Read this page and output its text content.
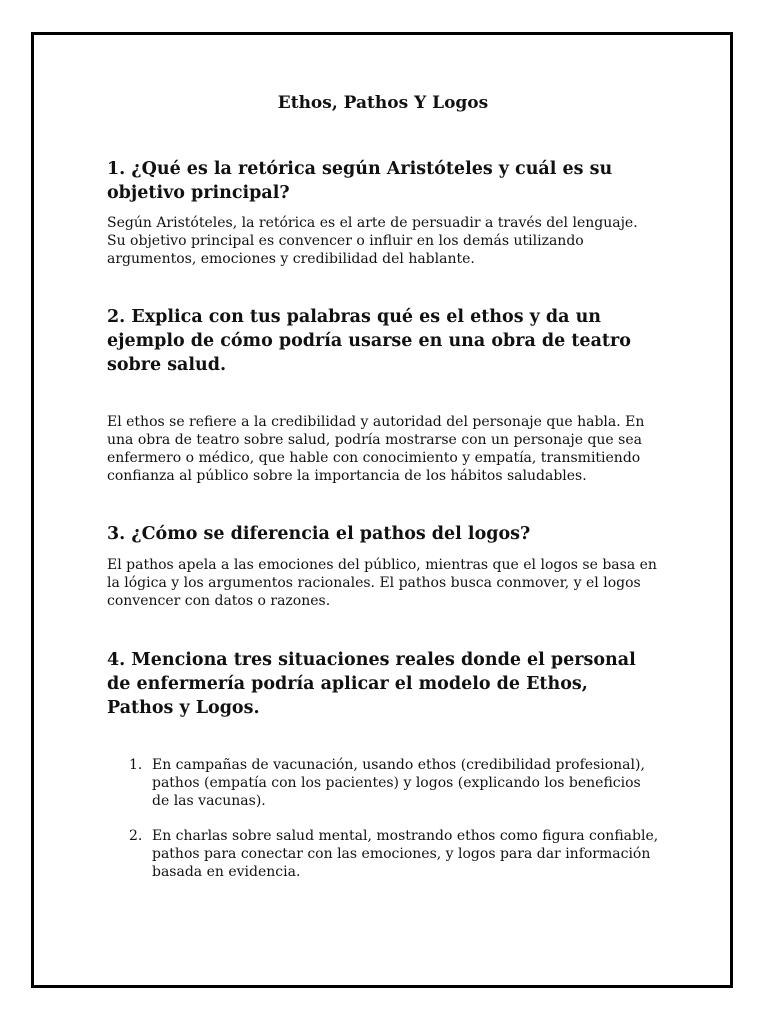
Ethos, Pathos Y Logos
1. ¿Qué es la retórica según Aristóteles y cuál es su objetivo principal?
Según Aristóteles, la retórica es el arte de persuadir a través del lenguaje. Su objetivo principal es convencer o influir en los demás utilizando argumentos, emociones y credibilidad del hablante.
2. Explica con tus palabras qué es el ethos y da un ejemplo de cómo podría usarse en una obra de teatro sobre salud.
El ethos se refiere a la credibilidad y autoridad del personaje que habla. En una obra de teatro sobre salud, podría mostrarse con un personaje que sea enfermero o médico, que hable con conocimiento y empatía, transmitiendo confianza al público sobre la importancia de los hábitos saludables.
3. ¿Cómo se diferencia el pathos del logos?
El pathos apela a las emociones del público, mientras que el logos se basa en la lógica y los argumentos racionales. El pathos busca conmover, y el logos convencer con datos o razones.
4. Menciona tres situaciones reales donde el personal de enfermería podría aplicar el modelo de Ethos, Pathos y Logos.
1. En campañas de vacunación, usando ethos (credibilidad profesional), pathos (empatía con los pacientes) y logos (explicando los beneficios de las vacunas).
2. En charlas sobre salud mental, mostrando ethos como figura confiable, pathos para conectar con las emociones, y logos para dar información basada en evidencia.
